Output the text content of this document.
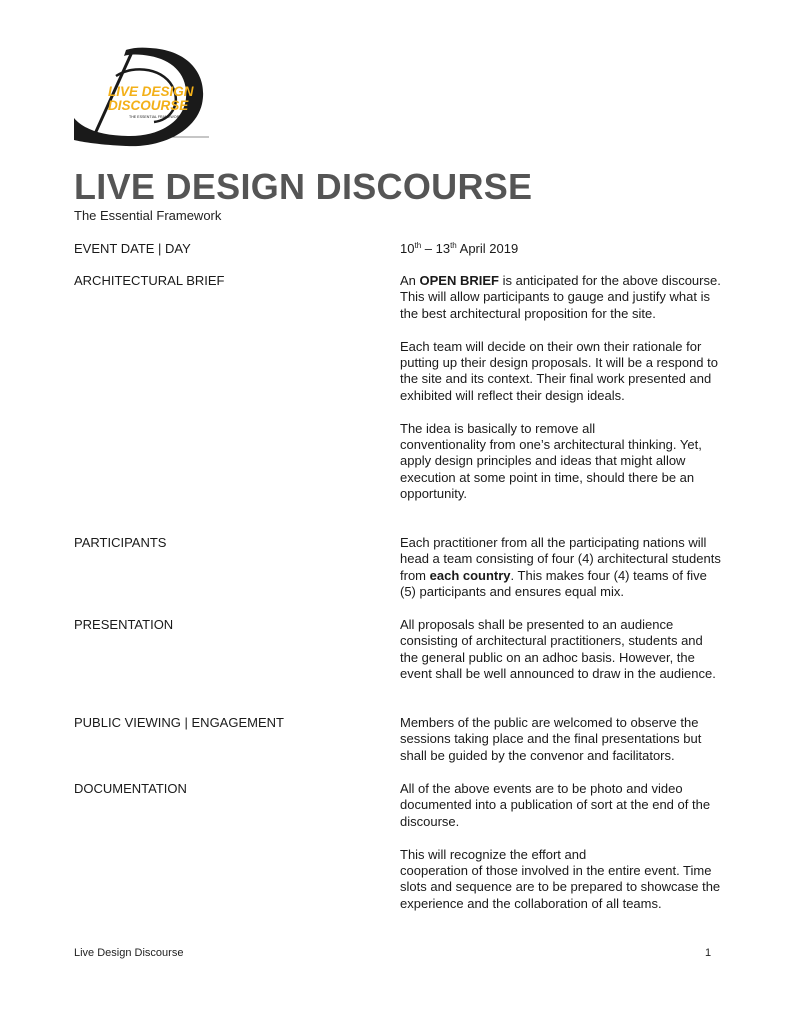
LIVE DESIGN
DISCOURSE
THE ESSENTIAL FRAMEWORK
LIVE DESIGN DISCOURSE
The Essential Framework
EVENT DATE | DAY	10th – 13th April 2019
ARCHITECTURAL BRIEF	An OPEN BRIEF is anticipated for the above discourse. This will allow participants to gauge and justify what is the best architectural proposition for the site.

Each team will decide on their own their rationale for putting up their design proposals. It will be a respond to the site and its context. Their final work presented and exhibited will reflect their design ideals.

The idea is basically to remove all
conventionality from one’s architectural thinking. Yet, apply design principles and ideas that might allow execution at some point in time, should there be an opportunity.

PARTICIPANTS	Each practitioner from all the participating nations will head a team consisting of four (4) architectural students from each country. This makes four (4) teams of five (5) participants and ensures equal mix.

PRESENTATION	All proposals shall be presented to an audience consisting of architectural practitioners, students and the general public on an adhoc basis. However, the event shall be well announced to draw in the audience.

PUBLIC VIEWING | ENGAGEMENT	Members of the public are welcomed to observe the sessions taking place and the final presentations but shall be guided by the convenor and facilitators.

DOCUMENTATION	All of the above events are to be photo and video documented into a publication of sort at the end of the discourse.

This will recognize the effort and
cooperation of those involved in the entire event. Time slots and sequence are to be prepared to showcase the experience and the collaboration of all teams.

Live Design Discourse	1
